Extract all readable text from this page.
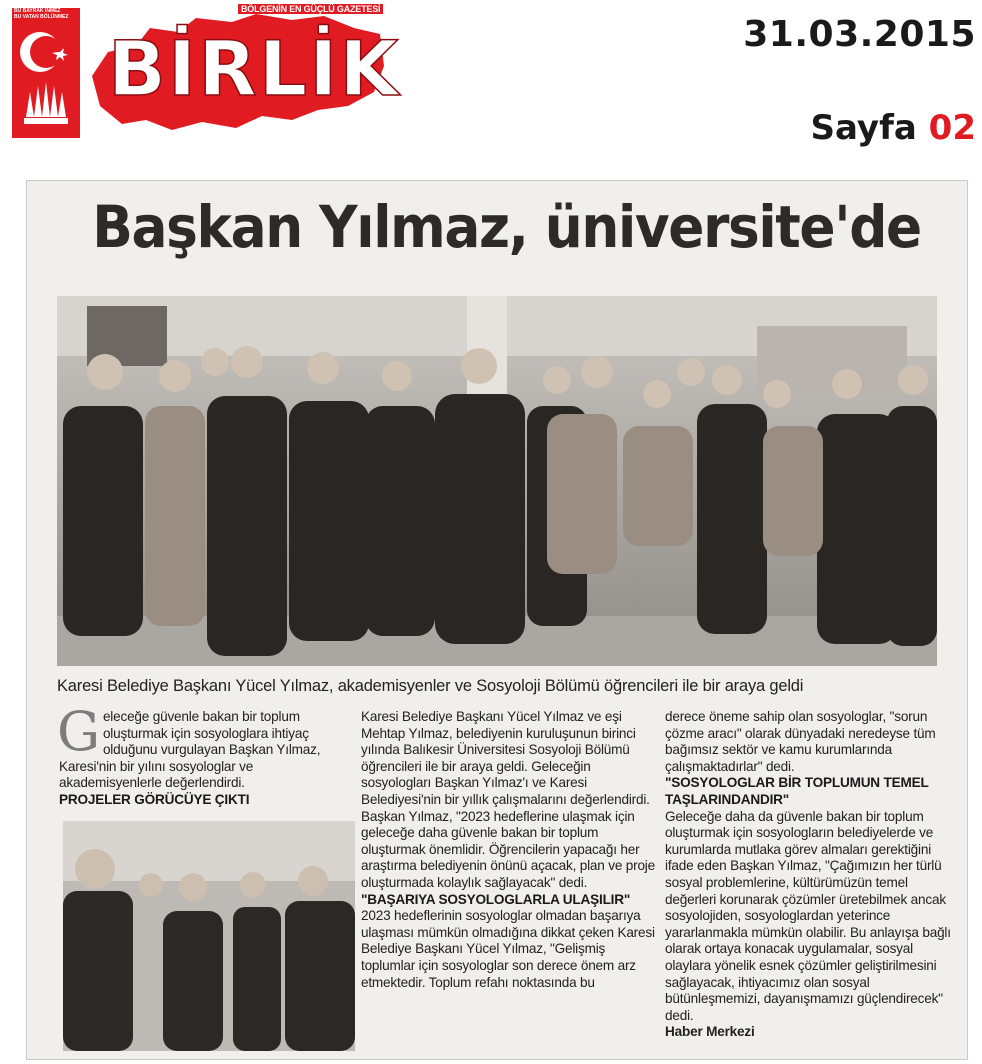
BU BAYRAK İNMEZ
BU VATAN BÖLÜNMEZ
BÖLGENİN EN GÜÇLÜ GAZETESİ
BİRLİK	31.03.2015
Sayfa 02
Başkan Yılmaz, üniversite'de
Karesi Belediye Başkanı Yücel Yılmaz, akademisyenler ve Sosyoloji Bölümü öğrencileri ile bir araya geldi
G eleceğe güvenle bakan bir toplum oluşturmak için sosyologlara ihtiyaç olduğunu vurgulayan Başkan Yılmaz, Karesi'nin bir yılını sosyologlar ve akademisyenlerle değerlendirdi.

PROJELER GÖRÜCÜYE ÇIKTI

Karesi Belediye Başkanı Yücel Yılmaz ve eşi Mehtap Yılmaz, belediyenin kuruluşunun birinci yılında Balıkesir Üniversitesi Sosyoloji Bölümü öğrencileri ile bir araya geldi. Geleceğin sosyologları Başkan Yılmaz'ı ve Karesi Belediyesi'nin bir yıllık çalışmalarını değerlendirdi. Başkan Yılmaz, "2023 hedeflerine ulaşmak için geleceğe daha güvenle bakan bir toplum oluşturmak önemlidir. Öğrencilerin yapacağı her araştırma belediyenin önünü açacak, plan ve proje oluşturmada kolaylık sağlayacak" dedi.

"BAŞARIYA SOSYOLOGLARLA ULAŞILIR"

2023 hedeflerinin sosyologlar olmadan başarıya ulaşması mümkün olmadığına dikkat çeken Karesi Belediye Başkanı Yücel Yılmaz, "Gelişmiş toplumlar için sosyologlar son derece önem arz etmektedir. Toplum refahı noktasında bu

derece öneme sahip olan sosyologlar, "sorun çözme aracı" olarak dünyadaki neredeyse tüm bağımsız sektör ve kamu kurumlarında çalışmaktadırlar" dedi.

"SOSYOLOGLAR BİR TOPLUMUN TEMEL TAŞLARINDANDIR"

Geleceğe daha da güvenle bakan bir toplum oluşturmak için sosyologların belediyelerde ve kurumlarda mutlaka görev almaları gerektiğini ifade eden Başkan Yılmaz, "Çağımızın her türlü sosyal problemlerine, kültürümüzün temel değerleri korunarak çözümler üretebilmek ancak sosyolojiden, sosyologlardan yeterince yararlanmakla mümkün olabilir. Bu anlayışa bağlı olarak ortaya konacak uygulamalar, sosyal olaylara yönelik esnek çözümler geliştirilmesini sağlayacak, ihtiyacımız olan sosyal bütünleşmemizi, dayanışmamızı güçlendirecek" dedi.

Haber Merkezi
